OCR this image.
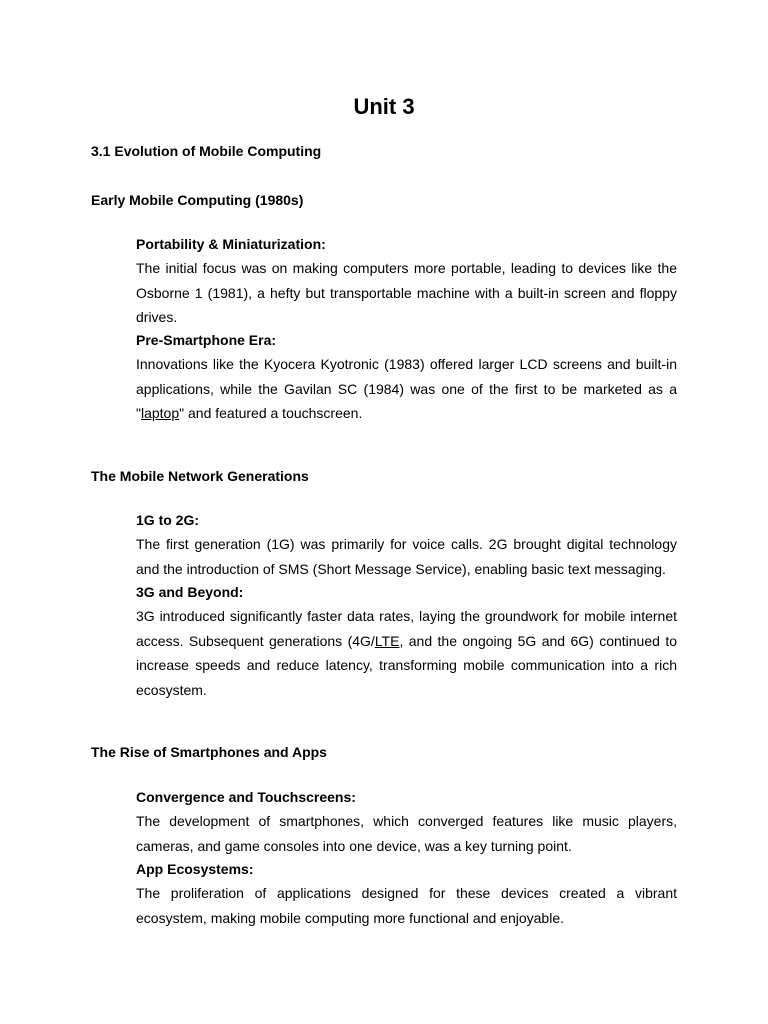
Unit 3
3.1 Evolution of Mobile Computing
Early Mobile Computing (1980s)

Portability & Miniaturization:

The initial focus was on making computers more portable, leading to devices like the Osborne 1 (1981), a hefty but transportable machine with a built-in screen and floppy drives.

Pre-Smartphone Era:

Innovations like the Kyocera Kyotronic (1983) offered larger LCD screens and built-in applications, while the Gavilan SC (1984) was one of the first to be marketed as a "laptop" and featured a touchscreen.

The Mobile Network Generations

1G to 2G:

The first generation (1G) was primarily for voice calls. 2G brought digital technology and the introduction of SMS (Short Message Service), enabling basic text messaging.

3G and Beyond:

3G introduced significantly faster data rates, laying the groundwork for mobile internet access. Subsequent generations (4G/LTE, and the ongoing 5G and 6G) continued to increase speeds and reduce latency, transforming mobile communication into a rich ecosystem.

The Rise of Smartphones and Apps

Convergence and Touchscreens:

The development of smartphones, which converged features like music players, cameras, and game consoles into one device, was a key turning point.

App Ecosystems:

The proliferation of applications designed for these devices created a vibrant ecosystem, making mobile computing more functional and enjoyable.
